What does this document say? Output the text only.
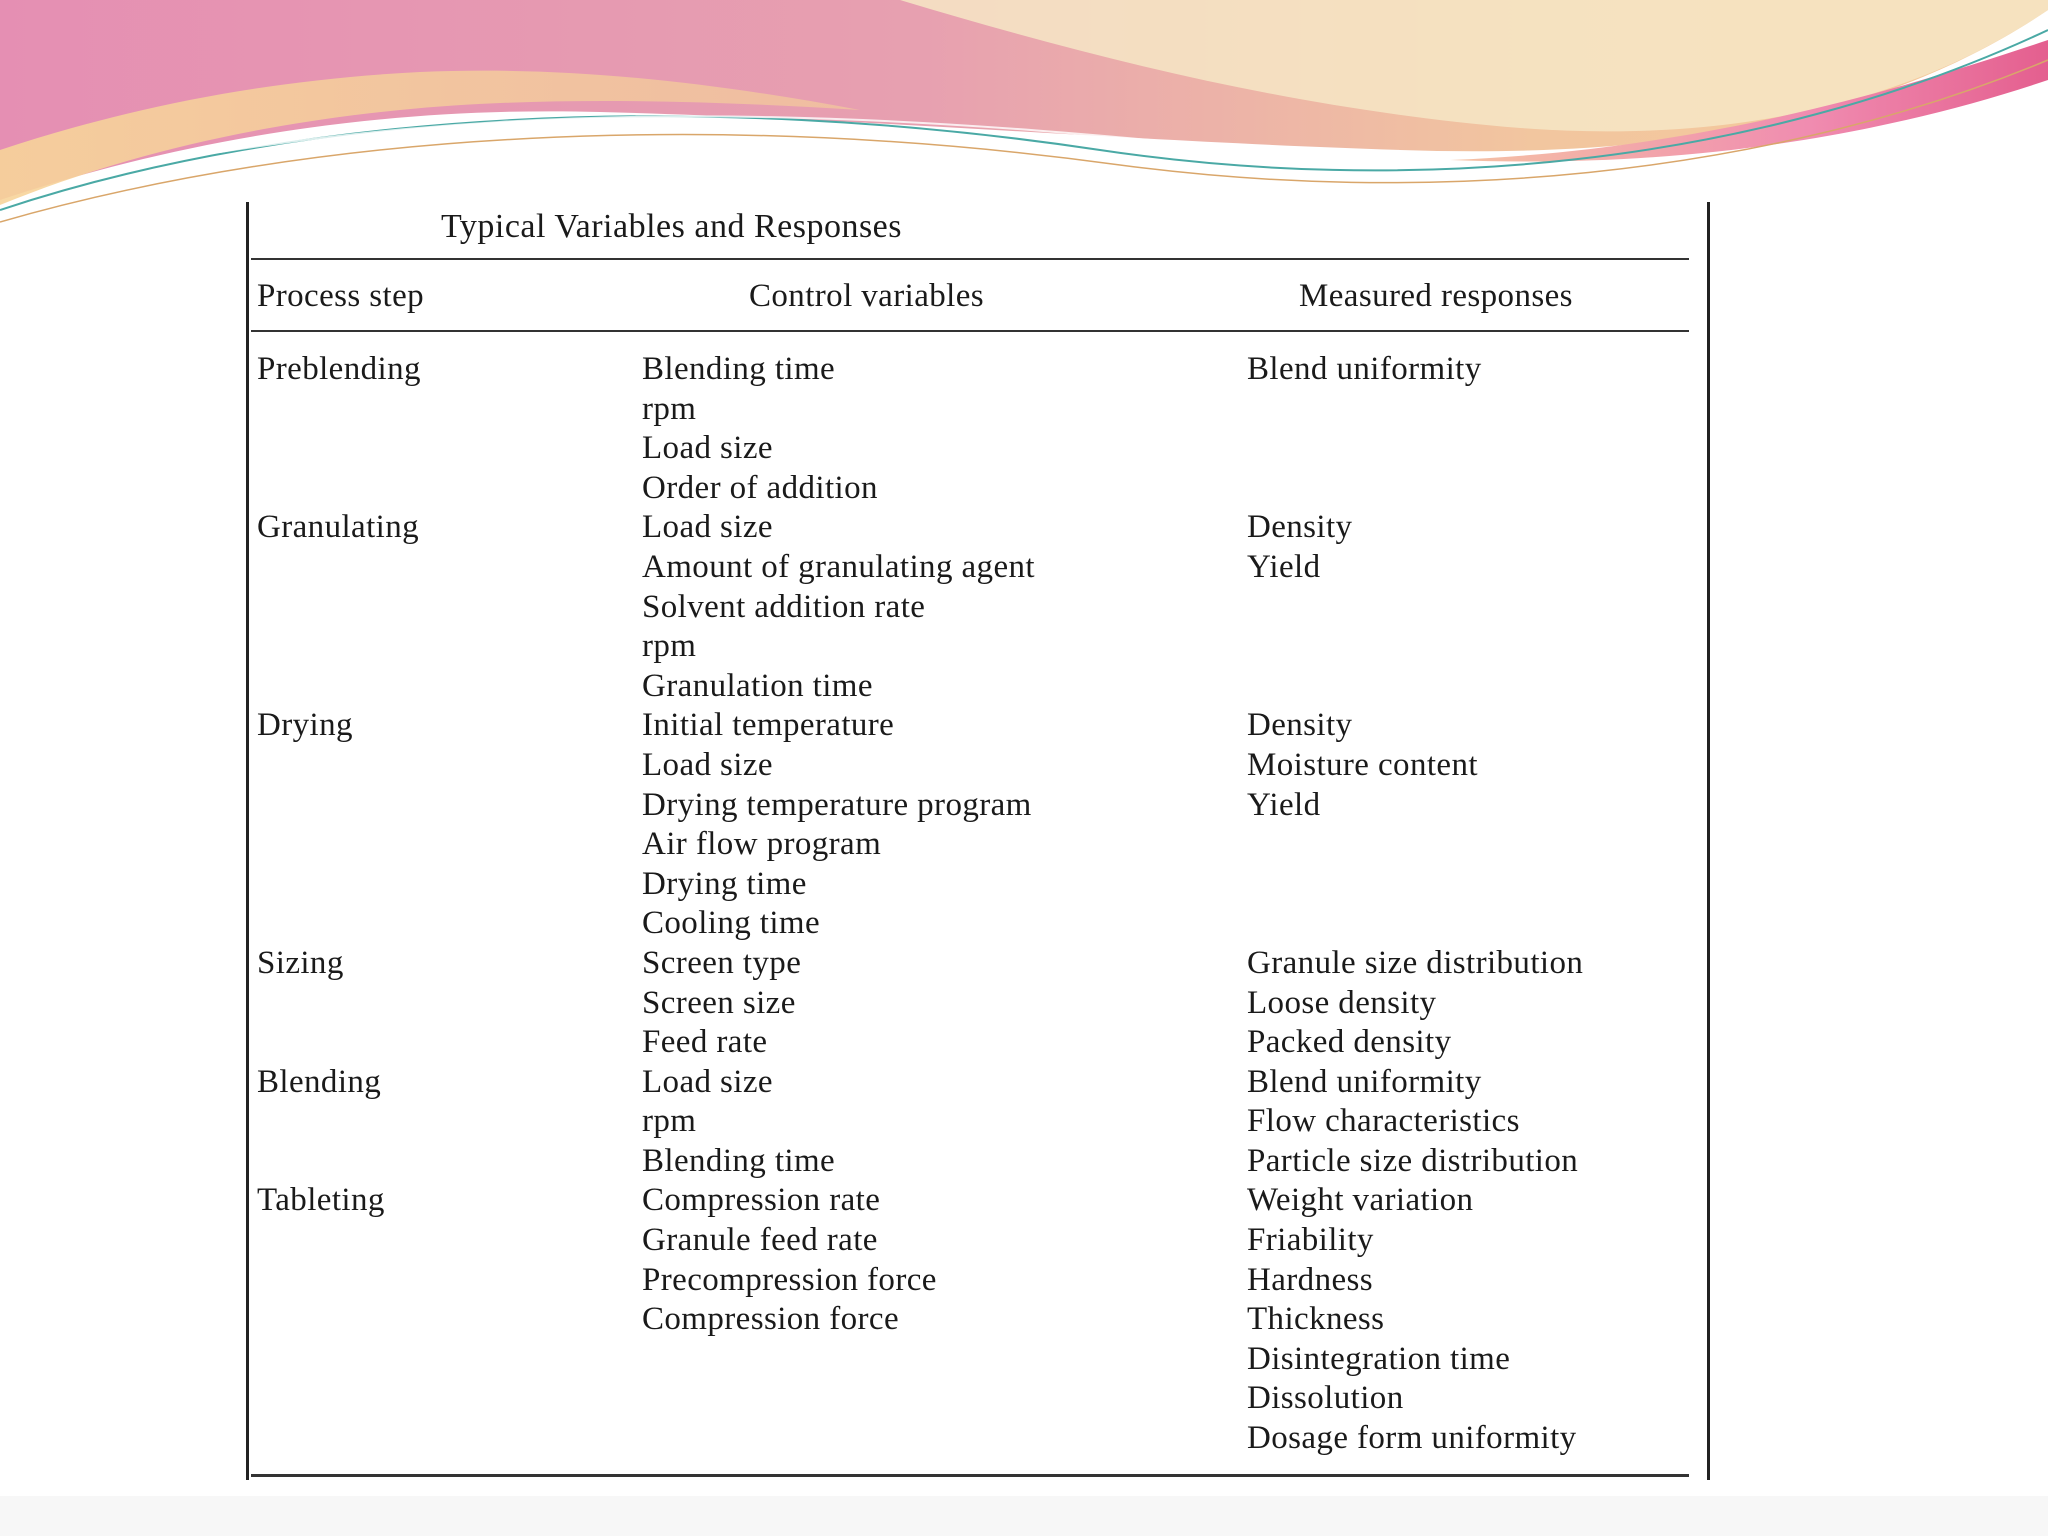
Typical Variables and Responses
Process step	Control variables	Measured responses
Preblending
Granulating
Drying
Sizing
Blending
Tableting
Blending time
rpm
Load size
Order of addition
Load size
Amount of granulating agent
Solvent addition rate
rpm
Granulation time
Initial temperature
Load size
Drying temperature program
Air flow program
Drying time
Cooling time
Screen type
Screen size
Feed rate
Load size
rpm
Blending time
Compression rate
Granule feed rate
Precompression force
Compression force
Blend uniformity
Density
Yield
Density
Moisture content
Yield
Granule size distribution
Loose density
Packed density
Blend uniformity
Flow characteristics
Particle size distribution
Weight variation
Friability
Hardness
Thickness
Disintegration time
Dissolution
Dosage form uniformity
